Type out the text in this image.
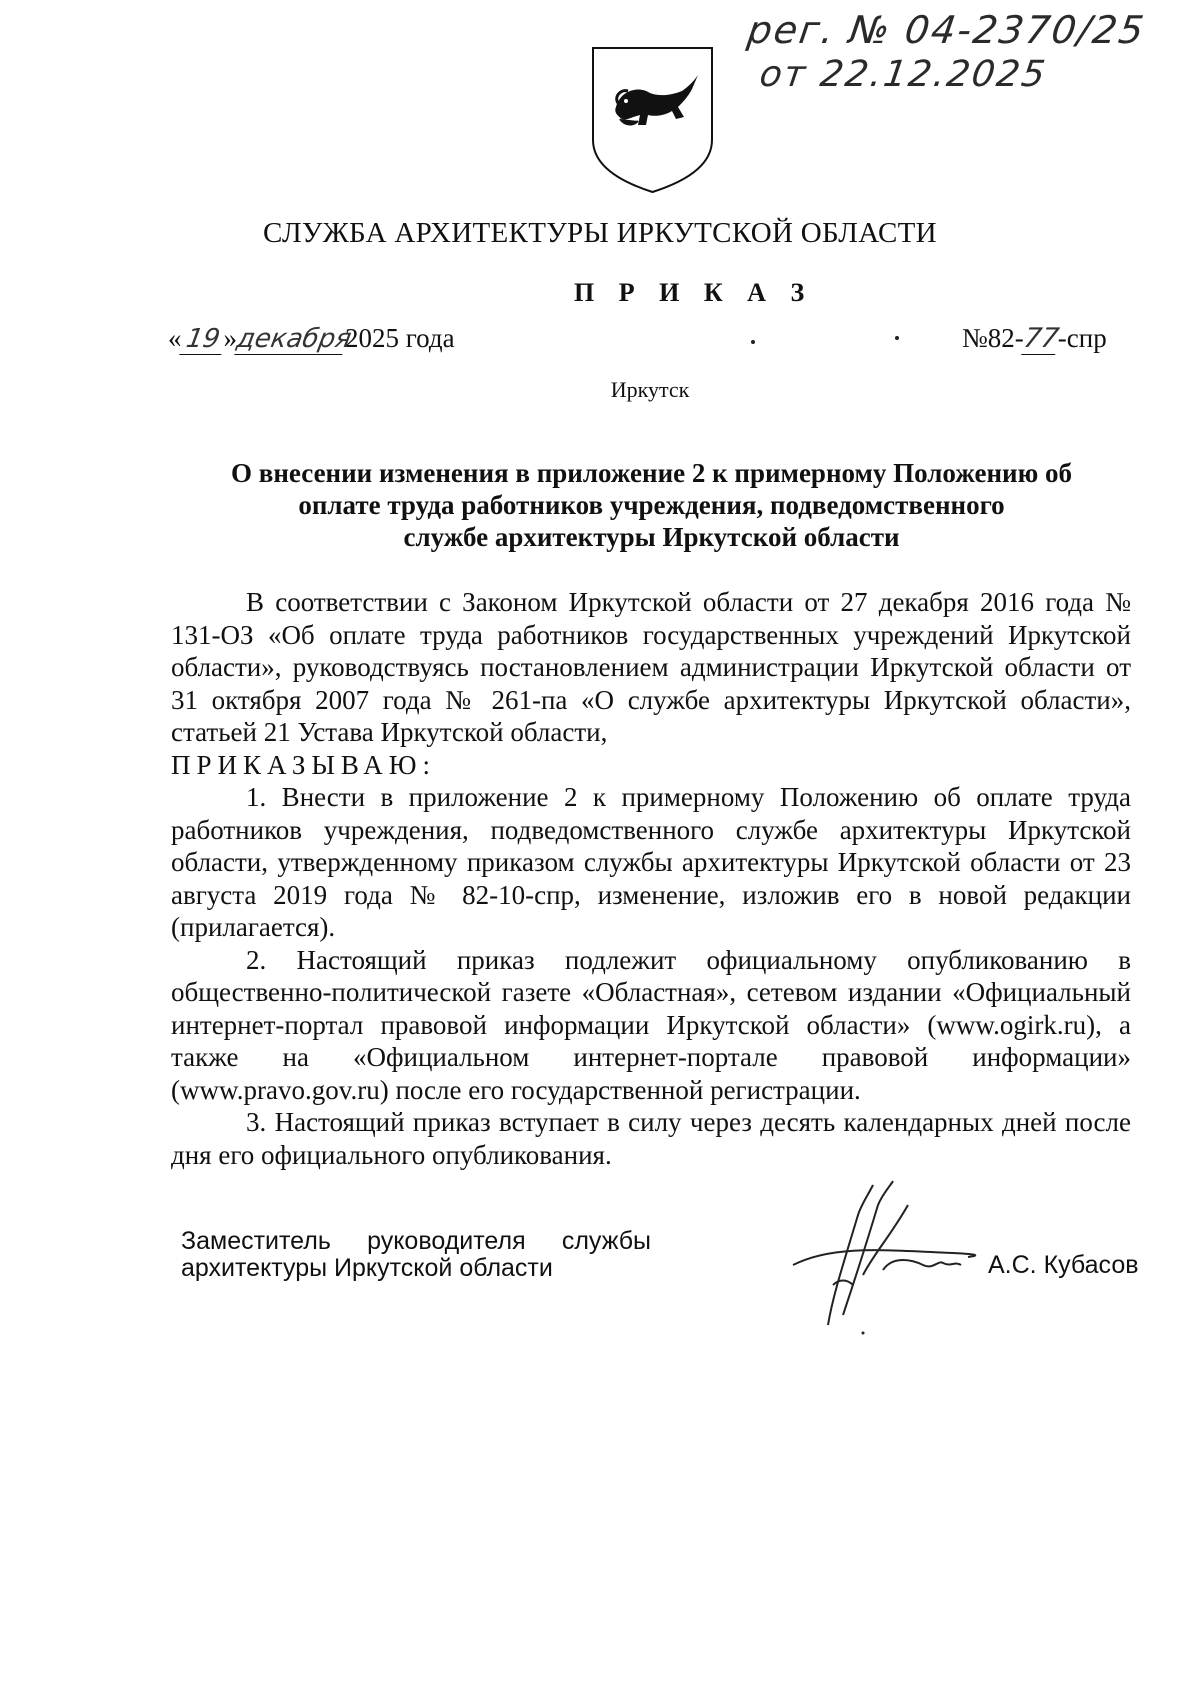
рег. № 04-2370/25
от 22.12.2025
СЛУЖБА АРХИТЕКТУРЫ ИРКУТСКОЙ ОБЛАСТИ
П Р И К А З
«19»декабря2025 года	№82-77-спр
Иркутск
О внесении изменения в приложение 2 к примерному Положению об
оплате труда работников учреждения, подведомственного
службе архитектуры Иркутской области

В соответствии с Законом Иркутской области от 27 декабря 2016 года № 131-ОЗ «Об оплате труда работников государственных учреждений Иркутской области», руководствуясь постановлением администрации Иркутской области от 31 октября 2007 года № 261-па «О службе архитектуры Иркутской области», статьей 21 Устава Иркутской области,

ПРИКАЗЫВАЮ:

1. Внести в приложение 2 к примерному Положению об оплате труда работников учреждения, подведомственного службе архитектуры Иркутской области, утвержденному приказом службы архитектуры Иркутской области от 23 августа 2019 года № 82-10-спр, изменение, изложив его в новой редакции (прилагается).

2. Настоящий приказ подлежит официальному опубликованию в общественно-политической газете «Областная», сетевом издании «Официальный интернет-портал правовой информации Иркутской области» (www.ogirk.ru), а также на «Официальном интернет-портале правовой информации» (www.pravo.gov.ru) после его государственной регистрации.

3. Настоящий приказ вступает в силу через десять календарных дней после дня его официального опубликования.

Заместитель руководителя службы
архитектуры Иркутской области	А.С. Кубасов
